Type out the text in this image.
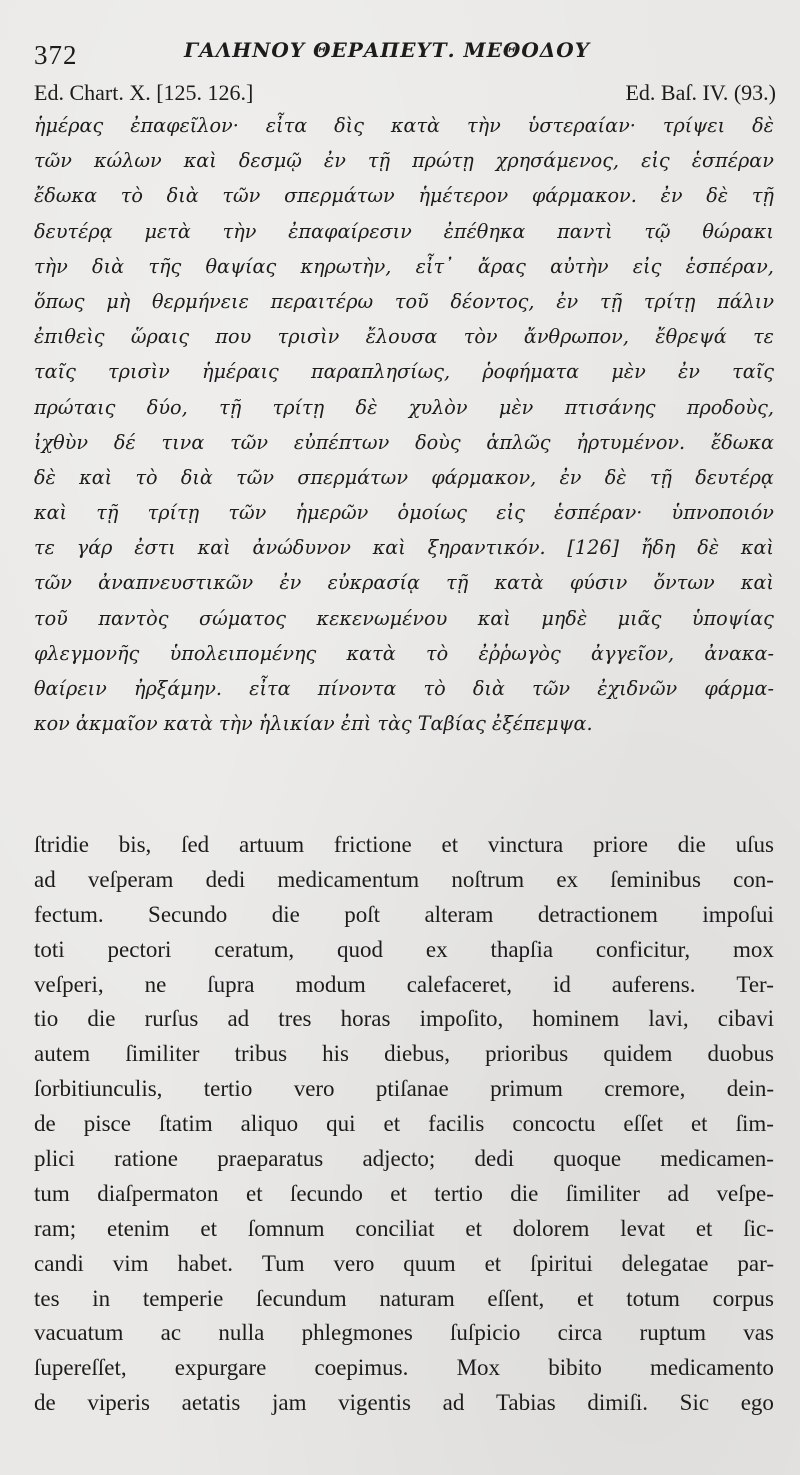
372	ΓΑΛΗΝΟΥ ΘΕΡΑΠΕΥΤ. ΜΕΘΟΔΟΥ
Ed. Chart. X. [125. 126.]	Ed. Baſ. IV. (93.)
ἡμέρας ἐπαφεῖλον· εἶτα δὶς κατὰ τὴν ὑστεραίαν· τρίψει δὲ
τῶν κώλων καὶ δεσμῷ ἐν τῇ πρώτῃ χρησάμενος, εἰς ἑσπέραν
ἔδωκα τὸ διὰ τῶν σπερμάτων ἡμέτερον φάρμακον. ἐν δὲ τῇ
δευτέρᾳ μετὰ τὴν ἐπαφαίρεσιν ἐπέθηκα παντὶ τῷ θώρακι
τὴν διὰ τῆς θαψίας κηρωτὴν, εἶτ᾽ ἄρας αὐτὴν εἰς ἑσπέραν,
ὅπως μὴ θερμήνειε περαιτέρω τοῦ δέοντος, ἐν τῇ τρίτῃ πάλιν
ἐπιθεὶς ὥραις που τρισὶν ἔλουσα τὸν ἄνθρωπον, ἔθρεψά τε
ταῖς τρισὶν ἡμέραις παραπλησίως, ῥοφήματα μὲν ἐν ταῖς
πρώταις δύο, τῇ τρίτῃ δὲ χυλὸν μὲν πτισάνης προδοὺς,
ἰχθὺν δέ τινα τῶν εὐπέπτων δοὺς ἁπλῶς ἠρτυμένον. ἔδωκα
δὲ καὶ τὸ διὰ τῶν σπερμάτων φάρμακον, ἐν δὲ τῇ δευτέρᾳ
καὶ τῇ τρίτῃ τῶν ἡμερῶν ὁμοίως εἰς ἑσπέραν· ὑπνοποιόν
τε γάρ ἐστι καὶ ἀνώδυνον καὶ ξηραντικόν. [126] ἤδη δὲ καὶ
τῶν ἀναπνευστικῶν ἐν εὐκρασίᾳ τῇ κατὰ φύσιν ὄντων καὶ
τοῦ παντὸς σώματος κεκενωμένου καὶ μηδὲ μιᾶς ὑποψίας
φλεγμονῆς ὑπολειπομένης κατὰ τὸ ἐῤῥωγὸς ἀγγεῖον, ἀνακα-
θαίρειν ἠρξάμην. εἶτα πίνοντα τὸ διὰ τῶν ἐχιδνῶν φάρμα-
κον ἀκμαῖον κατὰ τὴν ἡλικίαν ἐπὶ τὰς Ταβίας ἐξέπεμψα.
ſtridie bis, ſed artuum frictione et vinctura priore die uſus
ad veſperam dedi medicamentum noſtrum ex ſeminibus con-
fectum. Secundo die poſt alteram detractionem impoſui
toti pectori ceratum, quod ex thapſia conficitur, mox
veſperi, ne ſupra modum calefaceret, id auferens. Ter-
tio die rurſus ad tres horas impoſito, hominem lavi, cibavi
autem ſimiliter tribus his diebus, prioribus quidem duobus
ſorbitiunculis, tertio vero ptiſanae primum cremore, dein-
de pisce ſtatim aliquo qui et facilis concoctu eſſet et ſim-
plici ratione praeparatus adjecto; dedi quoque medicamen-
tum diaſpermaton et ſecundo et tertio die ſimiliter ad veſpe-
ram; etenim et ſomnum conciliat et dolorem levat et ſic-
candi vim habet. Tum vero quum et ſpiritui delegatae par-
tes in temperie ſecundum naturam eſſent, et totum corpus
vacuatum ac nulla phlegmones ſuſpicio circa ruptum vas
ſupereſſet, expurgare coepimus. Mox bibito medicamento
de viperis aetatis jam vigentis ad Tabias dimiſi. Sic ego
